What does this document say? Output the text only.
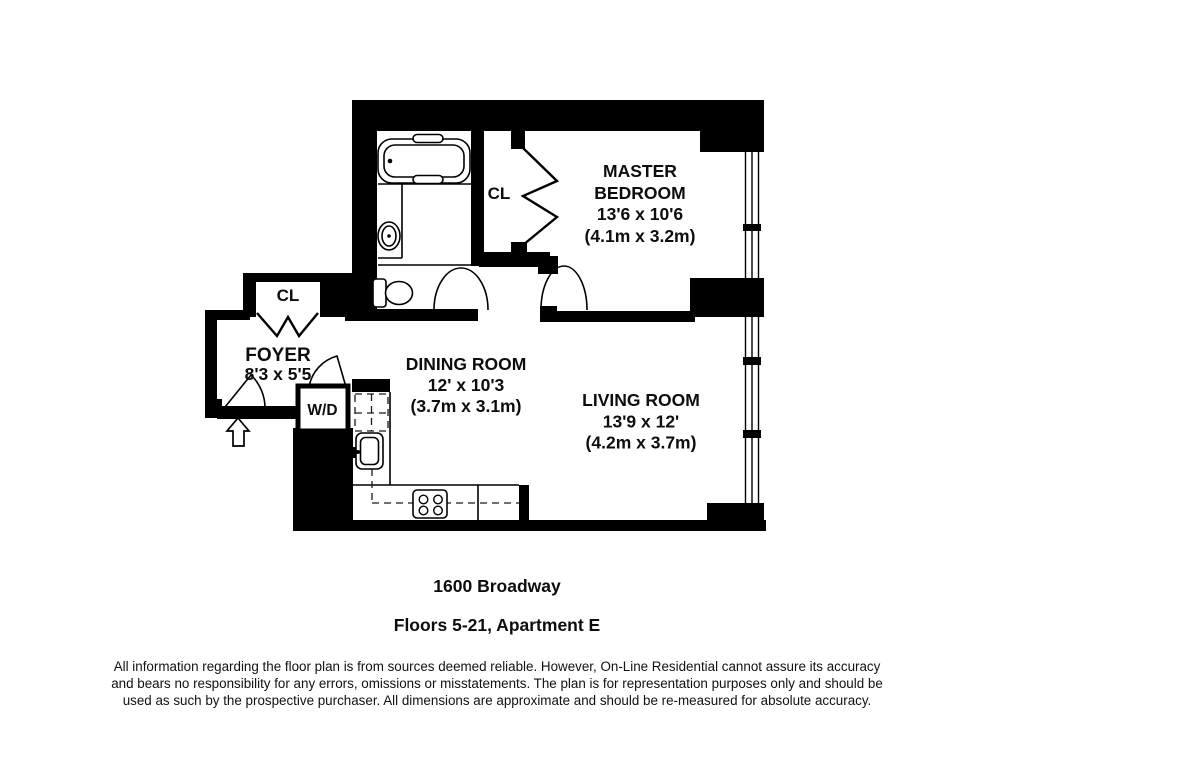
MASTER
BEDROOM
13'6 x 10'6
(4.1m x 3.2m)
CL
CL
FOYER
8'3 x 5'5	DINING ROOM
12' x 10'3
(3.7m x 3.1m)	LIVING ROOM
13'9 x 12'
(4.2m x 3.7m)
W/D
1600 Broadway
Floors 5-21, Apartment E
All information regarding the floor plan is from sources deemed reliable. However, On-Line Residential cannot assure its accuracy
and bears no responsibility for any errors, omissions or misstatements. The plan is for representation purposes only and should be
used as such by the prospective purchaser. All dimensions are approximate and should be re-measured for absolute accuracy.
